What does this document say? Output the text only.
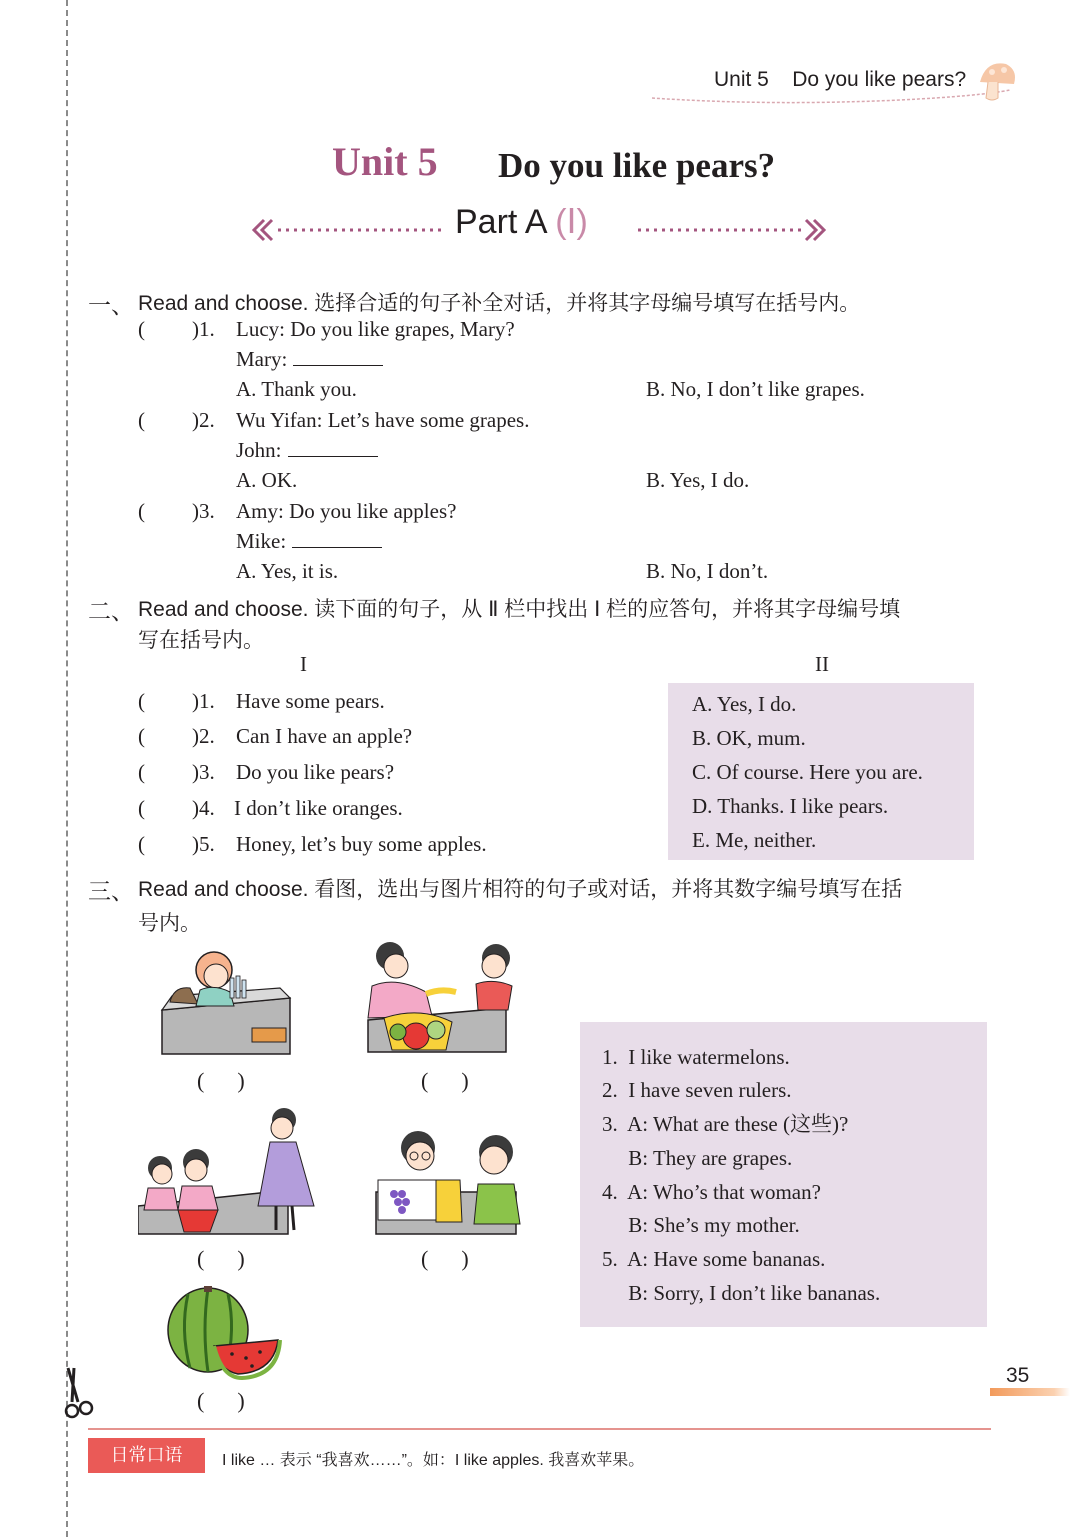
Unit 5    Do you like pears?
Unit 5 Do you like pears?
Part A (Ⅰ)
一、 Read and choose. 选择合适的句子补全对话，并将其字母编号填写在括号内。
( )1. Lucy: Do you like grapes, Mary?
Mary:
A. Thank you.	B. No, I don’t like grapes.
( )2. Wu Yifan: Let’s have some grapes.
John:
A. OK.	B. Yes, I do.
( )3. Amy: Do you like apples?
Mike:
A. Yes, it is.	B. No, I don’t.
二、 Read and choose. 读下面的句子，从 Ⅱ 栏中找出 Ⅰ 栏的应答句，并将其字母编号填
写在括号内。
I	II
( )1. Have some pears.
( )2. Can I have an apple?
( )3. Do you like pears?
( )4. I don’t like oranges.
( )5. Honey, let’s buy some apples.
A. Yes, I do.
B. OK, mum.
C. Of course. Here you are.
D. Thanks. I like pears.
E. Me, neither.
三、 Read and choose. 看图，选出与图片相符的句子或对话，并将其数字编号填写在括
号内。
(      )	(      )
(      )	(      )
(      )
1.  I like watermelons.
2.  I have seven rulers.
3.  A: What are these (这些)?
B: They are grapes.
4.  A: Who’s that woman?
B: She’s my mother.
5.  A: Have some bananas.
B: Sorry, I don’t like bananas.
35
日常口语	I like … 表示 “我喜欢……”。如：I like apples. 我喜欢苹果。
